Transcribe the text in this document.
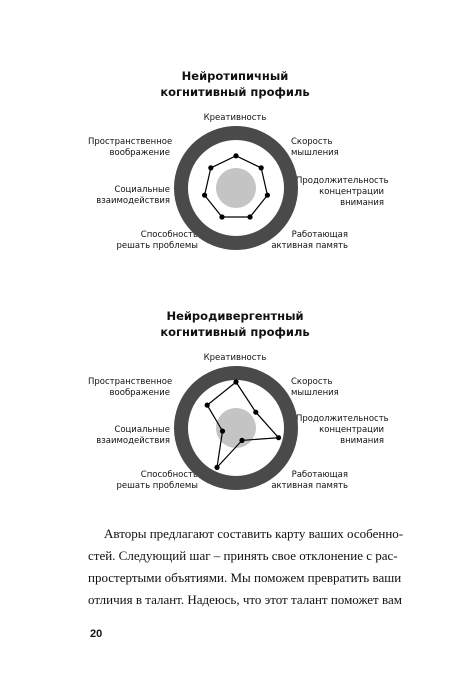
Нейротипичный
когнитивный профиль
Креативность
Скорость
мышления
Продолжительность
концентрации
внимания
Работающая
активная память
Способность
решать проблемы
Социальные
взаимодействия
Пространственное
воображение
Нейродивергентный
когнитивный профиль
Креативность
Скорость
мышления
Продолжительность
концентрации
внимания
Работающая
активная память
Способность
решать проблемы
Социальные
взаимодействия
Пространственное
воображение
Авторы предлагают составить карту ваших особенно-
стей. Следующий шаг – принять свое отклонение с рас-
простертыми объятиями. Мы поможем превратить ваши
отличия в талант. Надеюсь, что этот талант поможет вам
20
